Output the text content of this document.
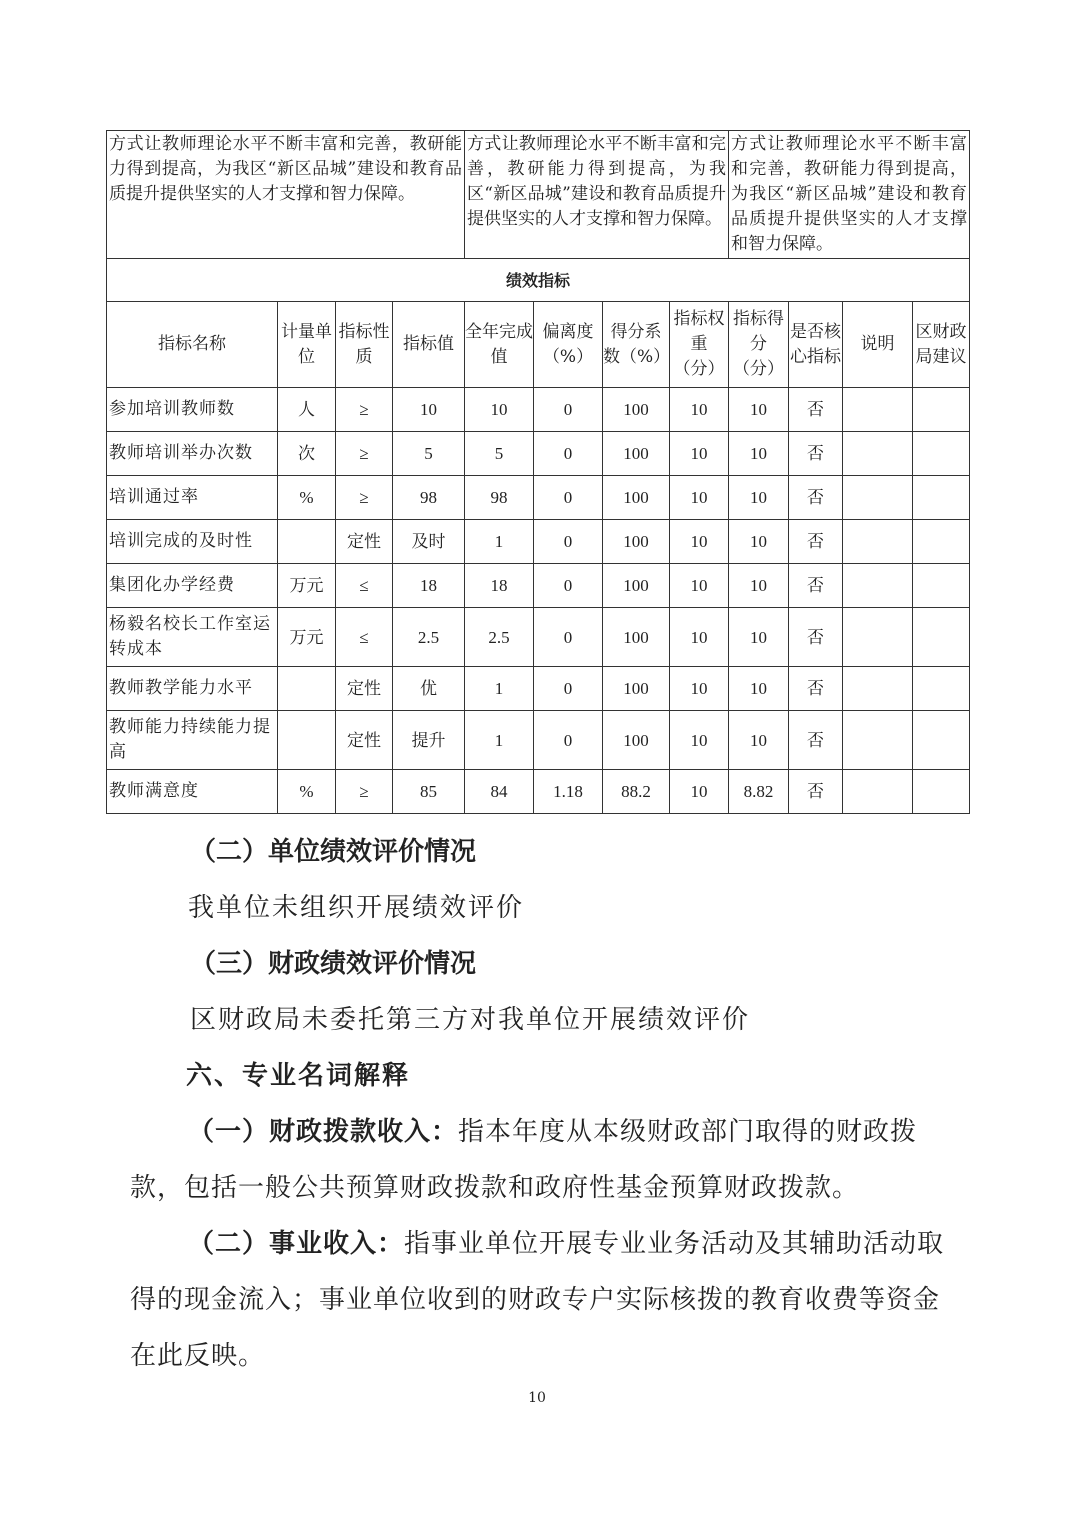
方式让教师理论水平不断丰富和完善，教研能力得到提高，为我区“新区品城”建设和教育品质提升提供坚实的人才支撑和智力保障。				方式让教师理论水平不断丰富和完善，教研能力得到提高，为我区“新区品城”建设和教育品质提升提供坚实的人才支撑和智力保障。				方式让教师理论水平不断丰富和完善，教研能力得到提高，为我区“新区品城”建设和教育品质提升提供坚实的人才支撑和智力保障。			
绩效指标											
指标名称	计量单位	指标性质	指标值	全年完成值	偏离度（%）	得分系数（%）	指标权重（分）	指标得分（分）	是否核心指标	说明	区财政局建议
参加培训教师数	人	≥	10	10	0	100	10	10	否		
教师培训举办次数	次	≥	5	5	0	100	10	10	否		
培训通过率	%	≥	98	98	0	100	10	10	否		
培训完成的及时性		定性	及时	1	0	100	10	10	否		
集团化办学经费	万元	≤	18	18	0	100	10	10	否		
杨毅名校长工作室运转成本	万元	≤	2.5	2.5	0	100	10	10	否		
教师教学能力水平		定性	优	1	0	100	10	10	否		
教师能力持续能力提高		定性	提升	1	0	100	10	10	否		
教师满意度	%	≥	85	84	1.18	88.2	10	8.82	否		
（二）单位绩效评价情况
我单位未组织开展绩效评价
（三）财政绩效评价情况
区财政局未委托第三方对我单位开展绩效评价
六、专业名词解释
（一）财政拨款收入：指本年度从本级财政部门取得的财政拨款，包括一般公共预算财政拨款和政府性基金预算财政拨款。
（二）事业收入：指事业单位开展专业业务活动及其辅助活动取得的现金流入；事业单位收到的财政专户实际核拨的教育收费等资金在此反映。
10
